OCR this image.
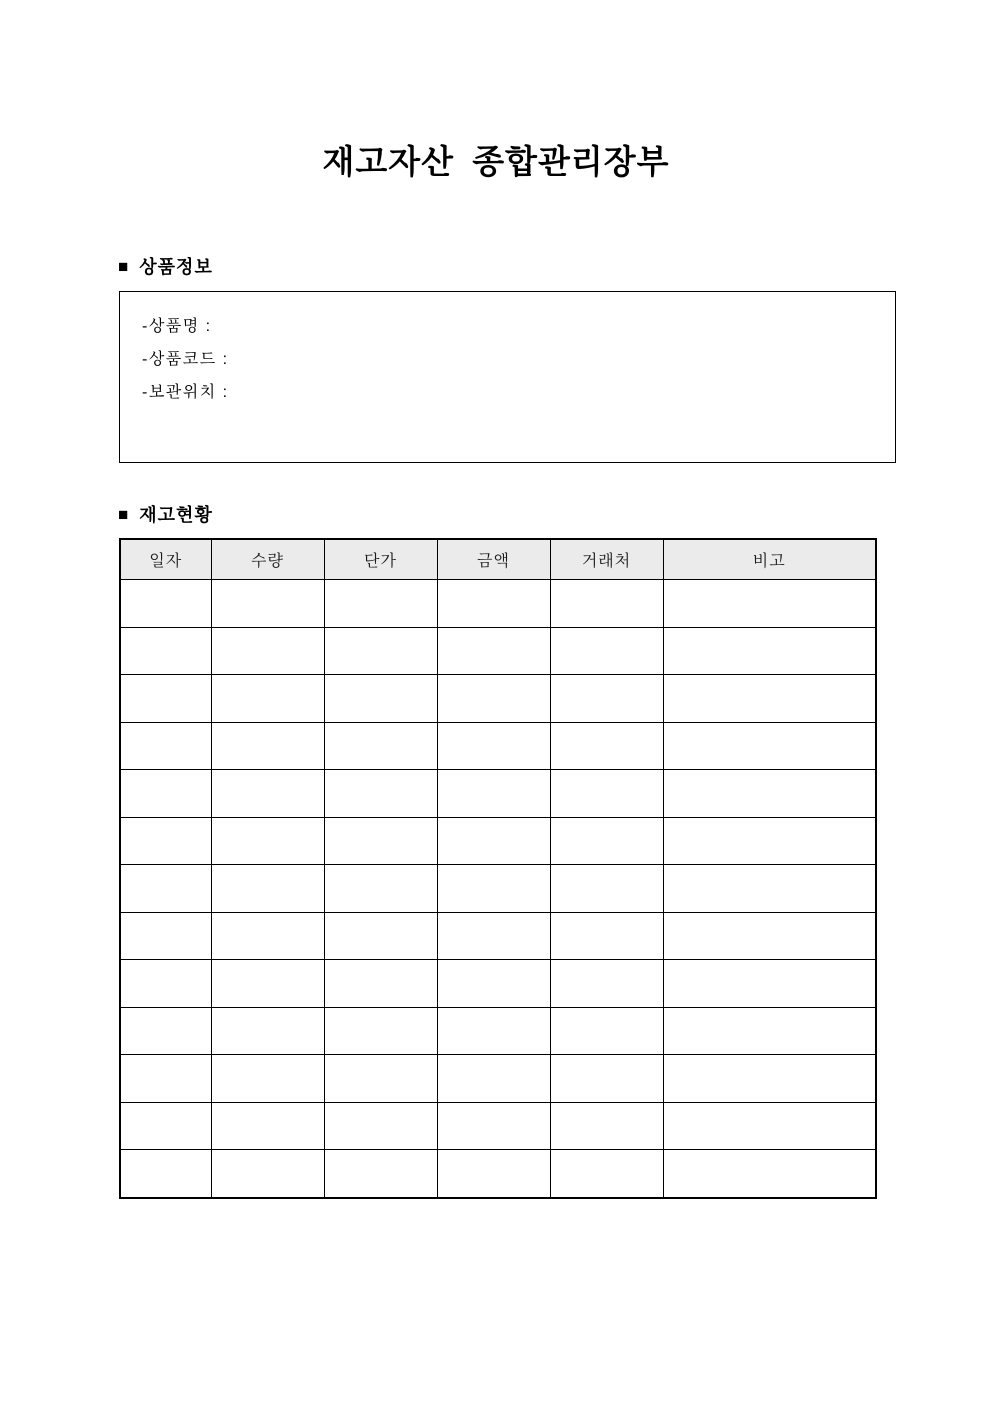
재고자산 종합관리장부
■ 상품정보
-상품명 :
-상품코드 :
-보관위치 :
■ 재고현황
일자	수량	단가	금액	거래처	비고
